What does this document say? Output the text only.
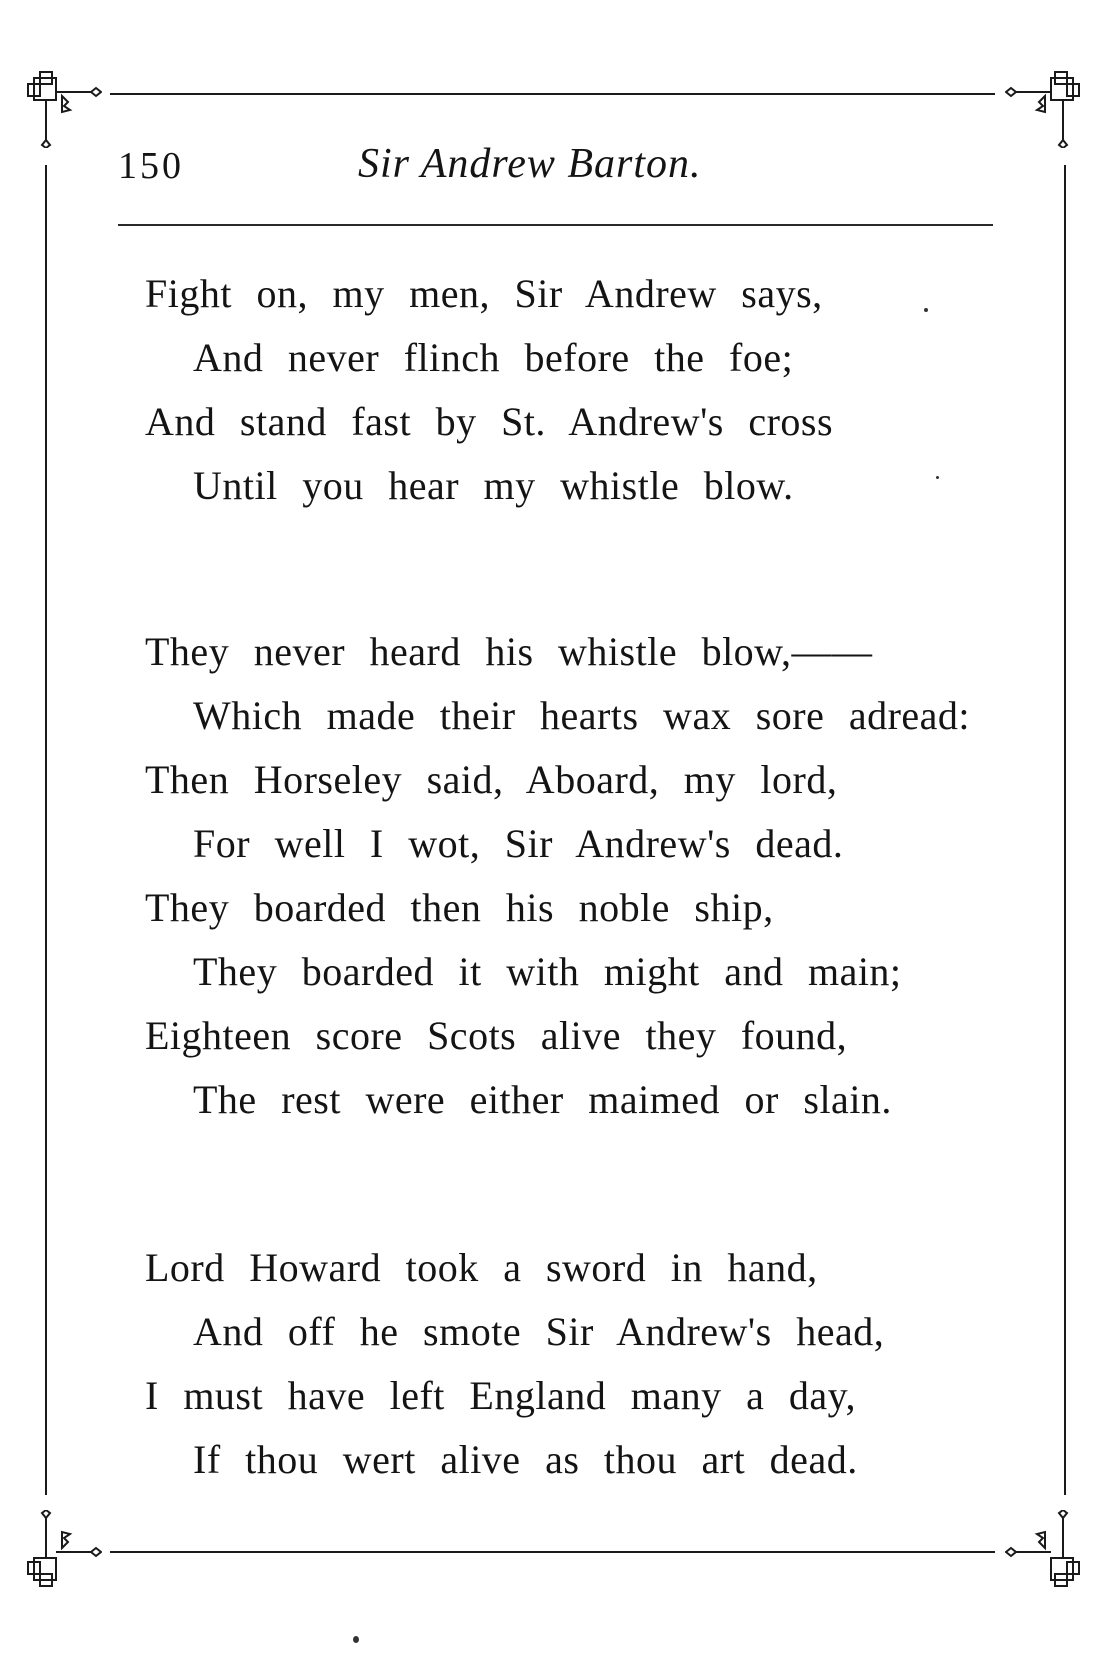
150	Sir Andrew Barton.
Fight on, my men, Sir Andrew says,
And never flinch before the foe;
And stand fast by St. Andrew's cross
Until you hear my whistle blow.
They never heard his whistle blow,——
Which made their hearts wax sore adread:
Then Horseley said, Aboard, my lord,
For well I wot, Sir Andrew's dead.
They boarded then his noble ship,
They boarded it with might and main;
Eighteen score Scots alive they found,
The rest were either maimed or slain.
Lord Howard took a sword in hand,
And off he smote Sir Andrew's head,
I must have left England many a day,
If thou wert alive as thou art dead.
